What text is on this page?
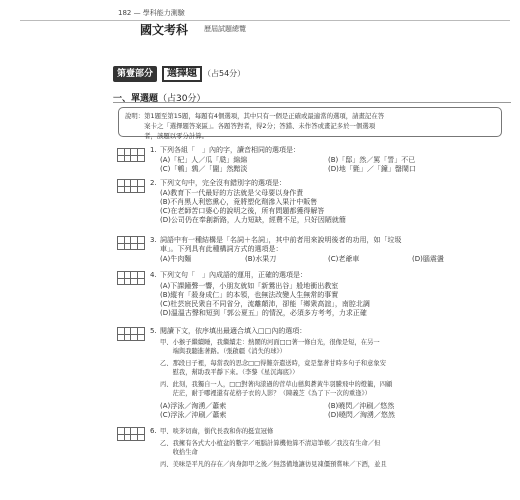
182 — 學科能力測驗
國文考科 歷屆試題總覽
第壹部分	選擇題 （占54分）
一、單選題（占30分）
說明：第1題至第15題，每題有4個選項，其中只有一個是正確或最適當的選項，請畫記在答
　　　案卡之「選擇題答案區」。各題答對者，得2分；答錯、未作答或畫記多於一個選項
　　　者，該題以零分計算。
1. 下列各組「　」內的字，讀音相同的選項是：
(A)「杞」人／瓜「瓞」綿綿	(B)「邸」然／罵「詈」不已
(C)「鵪」鶉／「闇」然黯淡	(D)地「氈」／「鐘」罄鬧口
2. 下列文句中，完全沒有錯別字的選項是：
(A)教育下一代最好的方法就是父母要以身作責
(B)不肖黑人利慾熏心，竟將塑化劑滲入果汁中販售
(C)在老師苦口婆心的說明之後，所有問題都獲得解答
(D)公司仍在奉創新路，人力短缺，經費不足，只好因陋就簡
3. 詞語中有一種結構是「名詞＋名詞」，其中前者用來說明後者的功用，如「垃圾
車」。下列具有此種構詞方式的選項是：
(A)牛肉麵	(B)水果刀	(C)老爺車	(D)腦震盪
4. 下列文句「　」內成語的運用，正確的選項是：
(A)下課鐘聲一響，小朋友就如「新鶯出谷」般地衝出教室
(B)縱有「殺身成仁」的本領，也無法改變人生無常的事實
(C)杜芸宸民衆自不同省分，流離顛沛，卻能「鄉衆高誼」，南腔北調
(D)溫溫古聲和短到「郭公夏五」的情況，必須多方考考，力求正確
5. 閱讀下文，依序填出最適合填入□□內的選項：
甲、小猴子繼續睡，我繼續走：熱鬧的河面□□著一條白光，很像是短，在另一
　　端與我聽進著路。（張啟疆《消失的球》）
乙、那段日子裡，每當我的思念□□得難奈遣送時，竟是靠著甘時多句子和意象安
　　慰我，幫助我平靜下來。（李黎《星沉海底》）
丙、此刻，我獨自一人，□□對著肉漾過的菅草山巒與蒼黃牛羽騰飛中的燈籠，四顧
　　茫茫，耐于哪裡還有花格子衣的人影？（陳義芝《為了下一次的重逢》）
(A)浮泳／洶湧／蕭索	(B)曉閃／沖刷／悠然
(C)浮泳／沖刷／蕭索	(D)曉閃／洶湧／悠然
6. 甲、啖茅切齒，銜代長我和你的挺宣冠條
乙、我擁有各式大小植盆的數字／電腦計算機他算不清這筆帳／我沒有生命／但
　　收拾生命
丙、美味是平凡的存在／肉身卸甲之後／無怨備地讓彷見凍僵預嘗味／下酒，並且
